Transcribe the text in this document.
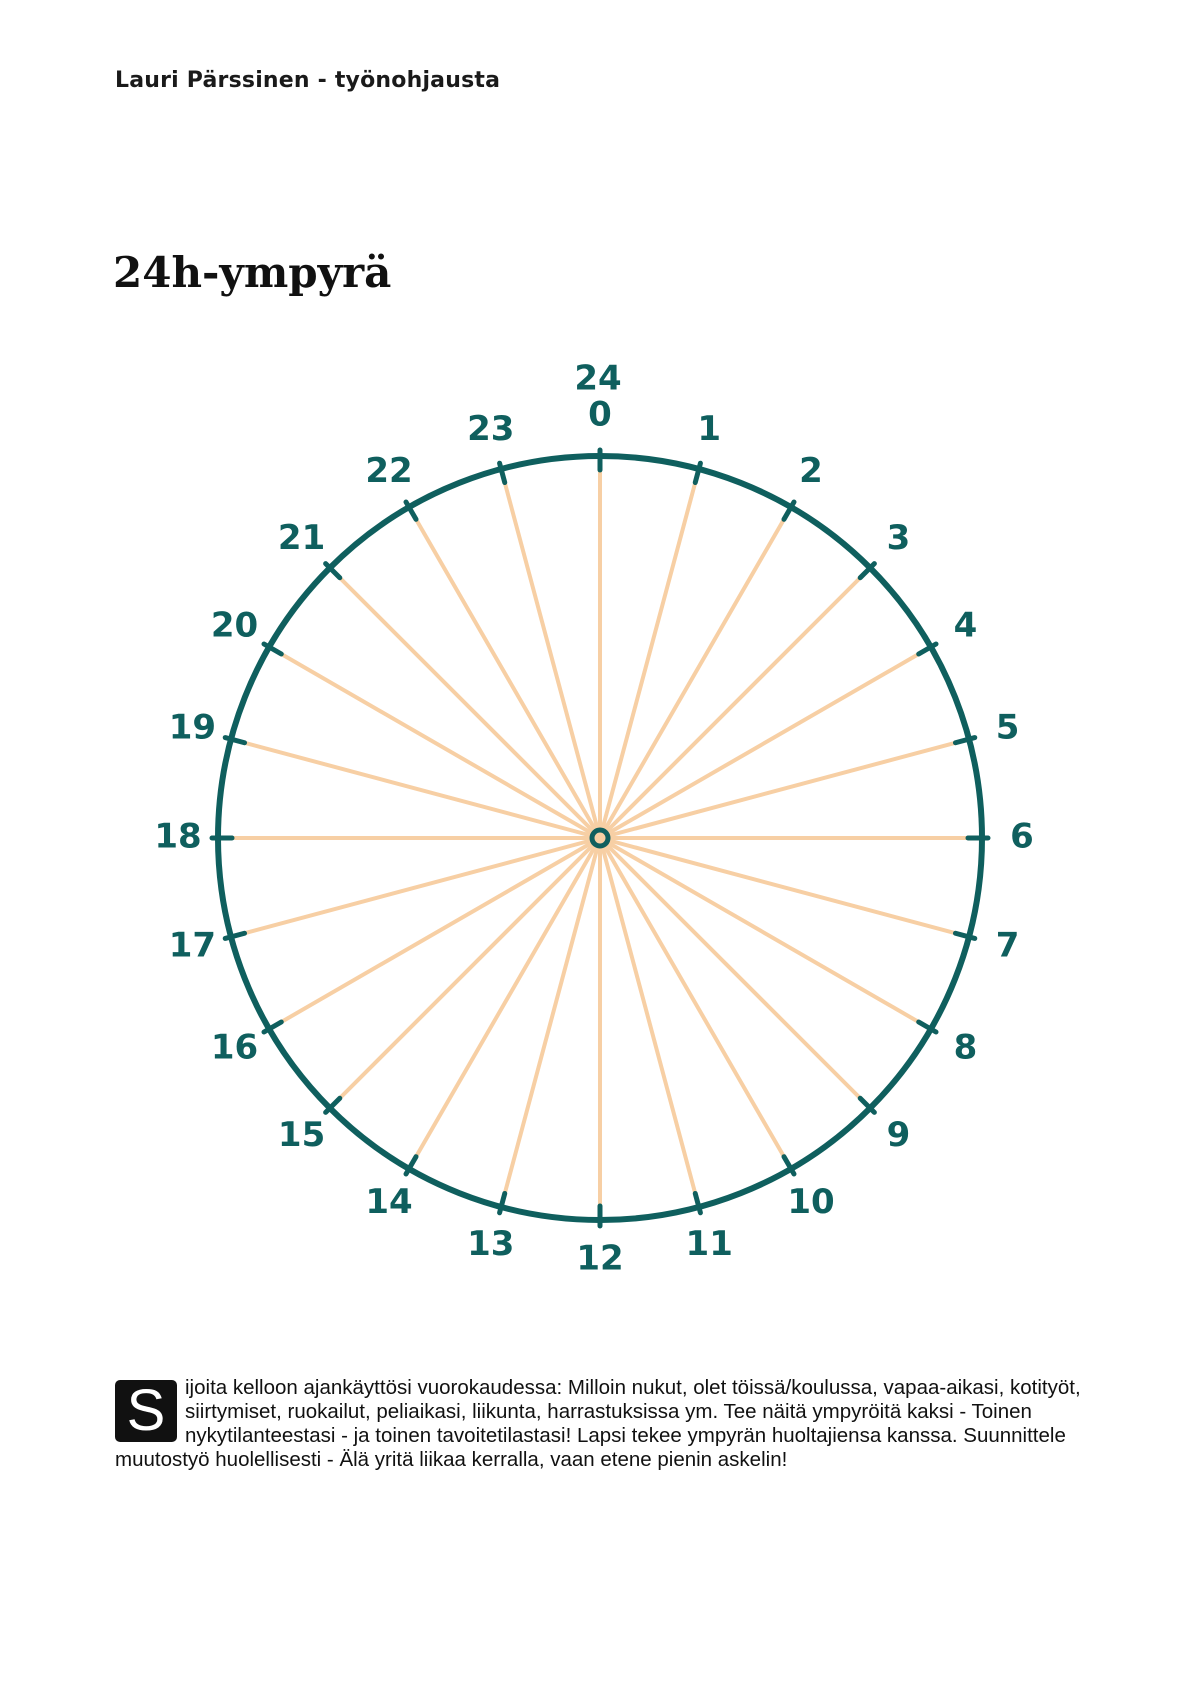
Lauri Pärssinen - työnohjausta
24h-ympyrä
0	1
2
3
4
5
6
7
8
9
10
11
12
13
14
15
16
17
18
19
20
21
22
23
24
S ijoita kelloon ajankäyttösi vuorokaudessa: Milloin nukut, olet töissä/koulussa, vapaa-aikasi, kotityöt, siirtymiset, ruokailut, peliaikasi, liikunta, harrastuksissa ym. Tee näitä ympyröitä kaksi - Toinen nykytilanteestasi - ja toinen tavoitetilastasi! Lapsi tekee ympyrän huoltajiensa kanssa. Suunnittele muutostyö huolellisesti - Älä yritä liikaa kerralla, vaan etene pienin askelin!
